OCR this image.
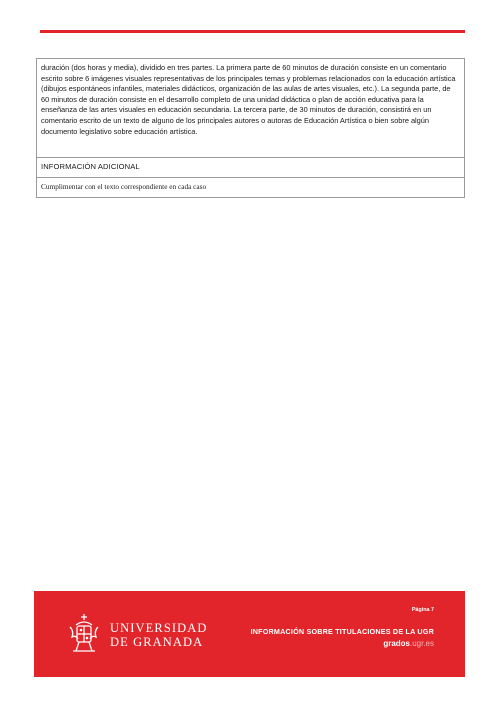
duración (dos horas y media), dividido en tres partes. La primera parte de 60 minutos de duración consiste en un comentario escrito sobre 6 imágenes visuales representativas de los principales temas y problemas relacionados con la educación artística (dibujos espontáneos infantiles, materiales didácticos, organización de las aulas de artes visuales, etc.). La segunda parte, de 60 minutos de duración consiste en el desarrollo completo de una unidad didáctica o plan de acción educativa para la enseñanza de las artes visuales en educación secundaria. La tercera parte, de 30 minutos de duración, consistirá en un comentario escrito de un texto de alguno de los principales autores o autoras de Educación Artística o bien sobre algún documento legislativo sobre educación artística.

INFORMACIÓN ADICIONAL
Cumplimentar con el texto correspondiente en cada caso
UNIVERSIDAD
DE GRANADA
Página 7
INFORMACIÓN SOBRE TITULACIONES DE LA UGR
grados.ugr.es
